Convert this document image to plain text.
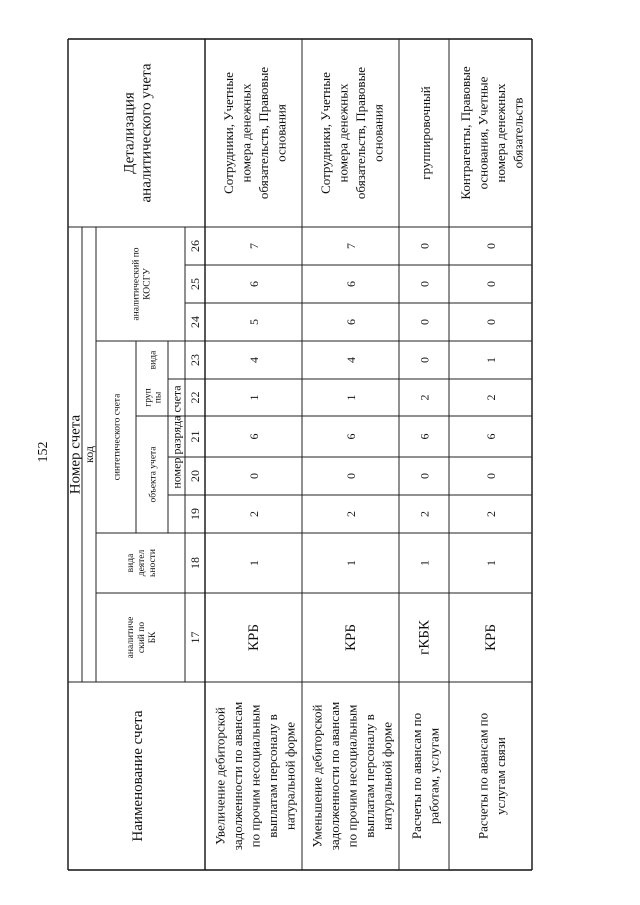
152
Наименование счета
Номер счета
код
аналитиче ский по БК
вида деятел ьности
синтетического счета	объекта учета
груп пы
вида
аналитический по КОСГУ
номер разряда счета
Детализация аналитического учета
17
18
19
20
21
22
23
24
25
26
Увеличение дебиторской задолженности по авансам по прочим несоциальным выплатам персоналу в натуральной форме
КРБ
1
2
0
6
1
4
5
6
7
Сотрудники, Учетные номера денежных обязательств, Правовые основания
Уменьшение дебиторской задолженности по авансам по прочим несоциальным выплатам персоналу в натуральной форме
КРБ
1
2
0
6
1
4
6
6
7
Сотрудники, Учетные номера денежных обязательств, Правовые основания
Расчеты по авансам по работам, услугам
гКБК
1
2
0
6
2
0
0
0
0
группировочный
Расчеты по авансам по услугам связи
КРБ
1
2
0
6
2
1
0
0
0
Контрагенты, Правовые основания, Учетные номера денежных обязательств
